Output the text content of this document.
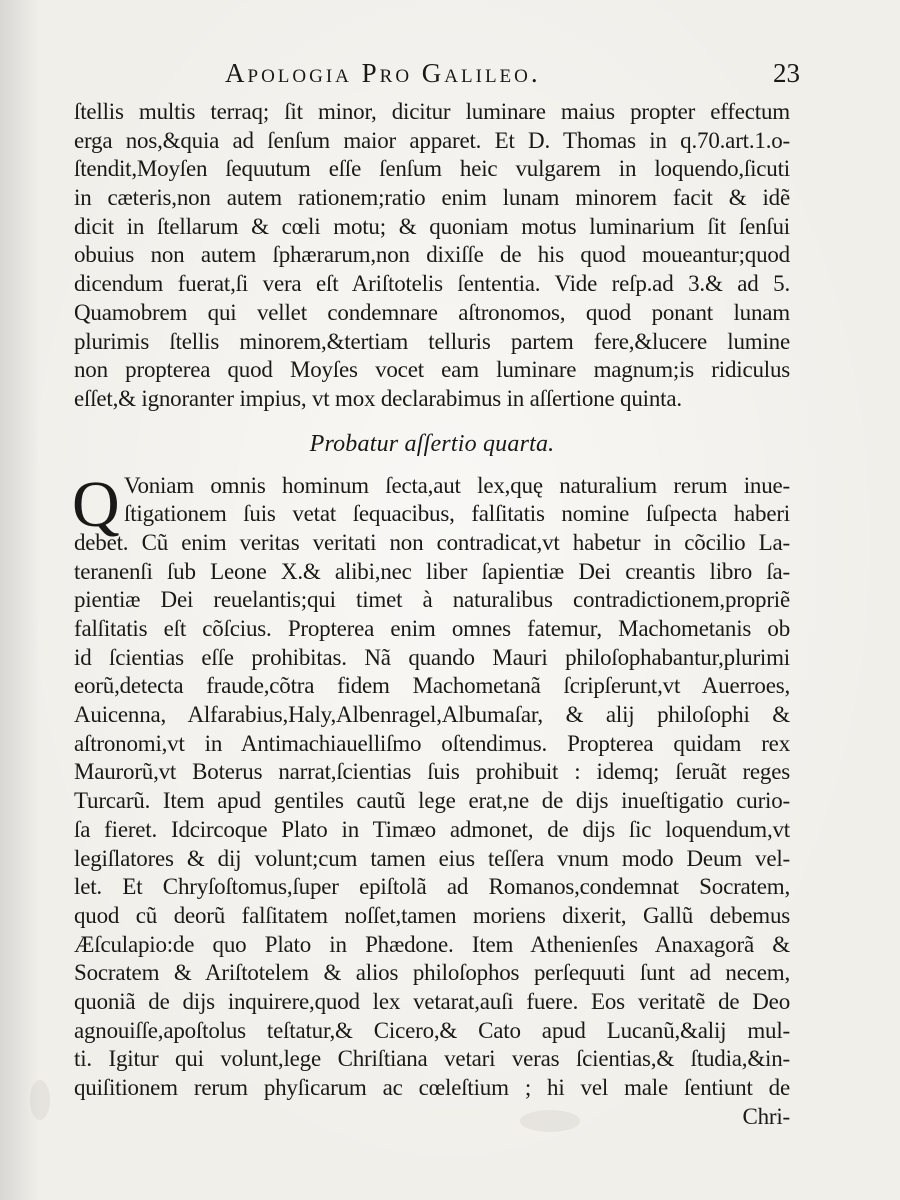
Apologia Pro Galileo.	23
ſtellis multis terraq; ſit minor, dicitur luminare maius propter effectum
erga nos,&quia ad ſenſum maior apparet. Et D. Thomas in q.70.art.1.o-
ſtendit,Moyſen ſequutum eſſe ſenſum heic vulgarem in loquendo,ſicuti
in cæteris,non autem rationem;ratio enim lunam minorem facit & idẽ
dicit in ſtellarum & cœli motu; & quoniam motus luminarium ſit ſenſui
obuius non autem ſphærarum,non dixiſſe de his quod moueantur;quod
dicendum fuerat,ſi vera eſt Ariſtotelis ſententia. Vide reſp.ad 3.& ad 5.
Quamobrem qui vellet condemnare aſtronomos, quod ponant lunam
plurimis ſtellis minorem,&tertiam telluris partem fere,&lucere lumine
non propterea quod Moyſes vocet eam luminare magnum;is ridiculus
eſſet,& ignoranter impius, vt mox declarabimus in aſſertione quinta.
Probatur aſſertio quarta.
Q Voniam omnis hominum ſecta,aut lex,quę naturalium rerum inue-
ſtigationem ſuis vetat ſequacibus, falſitatis nomine ſuſpecta haberi
debet. Cũ enim veritas veritati non contradicat,vt habetur in cõcilio La-
teranenſi ſub Leone X.& alibi,nec liber ſapientiæ Dei creantis libro ſa-
pientiæ Dei reuelantis;qui timet à naturalibus contradictionem,propriẽ
falſitatis eſt cõſcius. Propterea enim omnes fatemur, Machometanis ob
id ſcientias eſſe prohibitas. Nã quando Mauri philoſophabantur,plurimi
eorũ,detecta fraude,cõtra fidem Machometanã ſcripſerunt,vt Auerroes,
Auicenna, Alfarabius,Haly,Albenragel,Albumaſar, & alij philoſophi &
aſtronomi,vt in Antimachiauelliſmo oſtendimus. Propterea quidam rex
Maurorũ,vt Boterus narrat,ſcientias ſuis prohibuit : idemq; ſeruãt reges
Turcarũ. Item apud gentiles cautũ lege erat,ne de dijs inueſtigatio curio-
ſa fieret. Idcircoque Plato in Timæo admonet, de dijs ſic loquendum,vt
legiſlatores & dij volunt;cum tamen eius teſſera vnum modo Deum vel-
let. Et Chryſoſtomus,ſuper epiſtolã ad Romanos,condemnat Socratem,
quod cũ deorũ falſitatem noſſet,tamen moriens dixerit, Gallũ debemus
Æſculapio:de quo Plato in Phædone. Item Athenienſes Anaxagorã &
Socratem & Ariſtotelem & alios philoſophos perſequuti ſunt ad necem,
quoniã de dijs inquirere,quod lex vetarat,auſi fuere. Eos veritatẽ de Deo
agnouiſſe,apoſtolus teſtatur,& Cicero,& Cato apud Lucanũ,&alij mul-
ti. Igitur qui volunt,lege Chriſtiana vetari veras ſcientias,& ſtudia,&in-
quiſitionem rerum phyſicarum ac cœleſtium ; hi vel male ſentiunt de
Chri-
